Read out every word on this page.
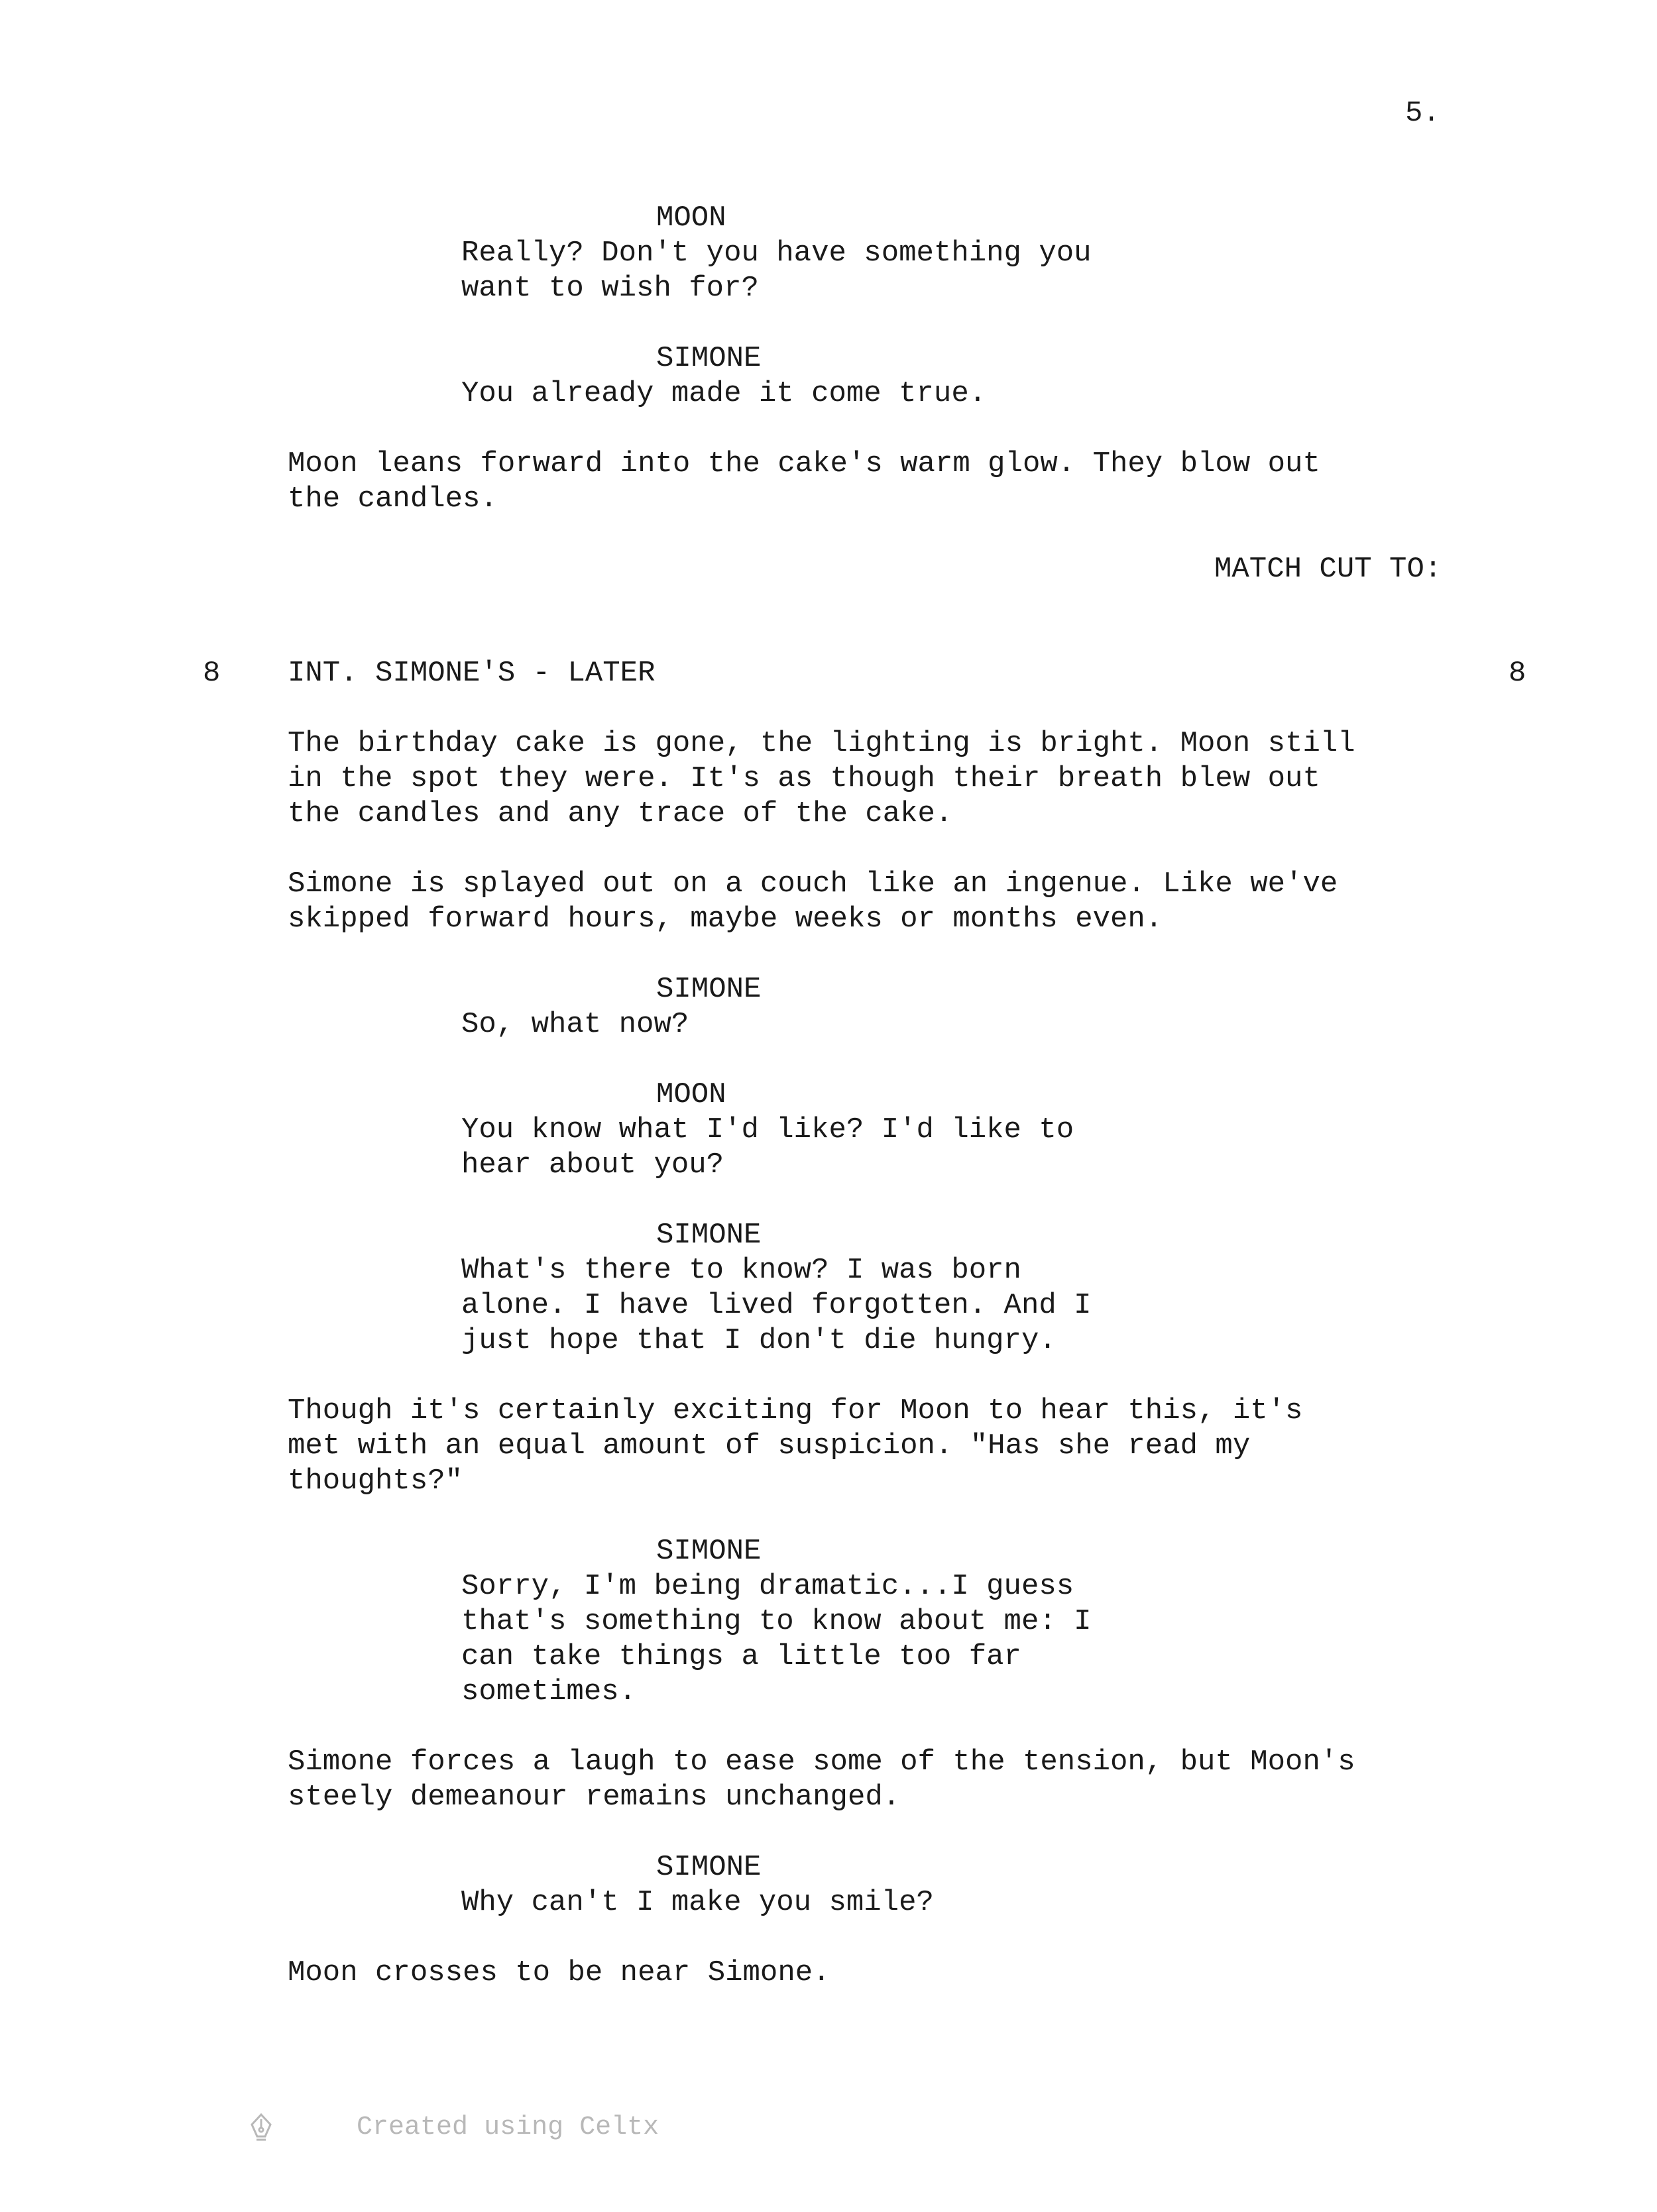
5.

MOON

Really? Don't you have something you

want to wish for?

SIMONE

You already made it come true.

Moon leans forward into the cake's warm glow. They blow out

the candles.

MATCH CUT TO:

8 INT. SIMONE'S - LATER	8

The birthday cake is gone, the lighting is bright. Moon still

in the spot they were. It's as though their breath blew out

the candles and any trace of the cake.

Simone is splayed out on a couch like an ingenue. Like we've

skipped forward hours, maybe weeks or months even.

SIMONE

So, what now?

MOON

You know what I'd like? I'd like to

hear about you?

SIMONE

What's there to know? I was born

alone. I have lived forgotten. And I

just hope that I don't die hungry.

Though it's certainly exciting for Moon to hear this, it's

met with an equal amount of suspicion. "Has she read my

thoughts?"

SIMONE

Sorry, I'm being dramatic...I guess

that's something to know about me: I

can take things a little too far

sometimes.

Simone forces a laugh to ease some of the tension, but Moon's

steely demeanour remains unchanged.

SIMONE

Why can't I make you smile?

Moon crosses to be near Simone.

Created using Celtx
